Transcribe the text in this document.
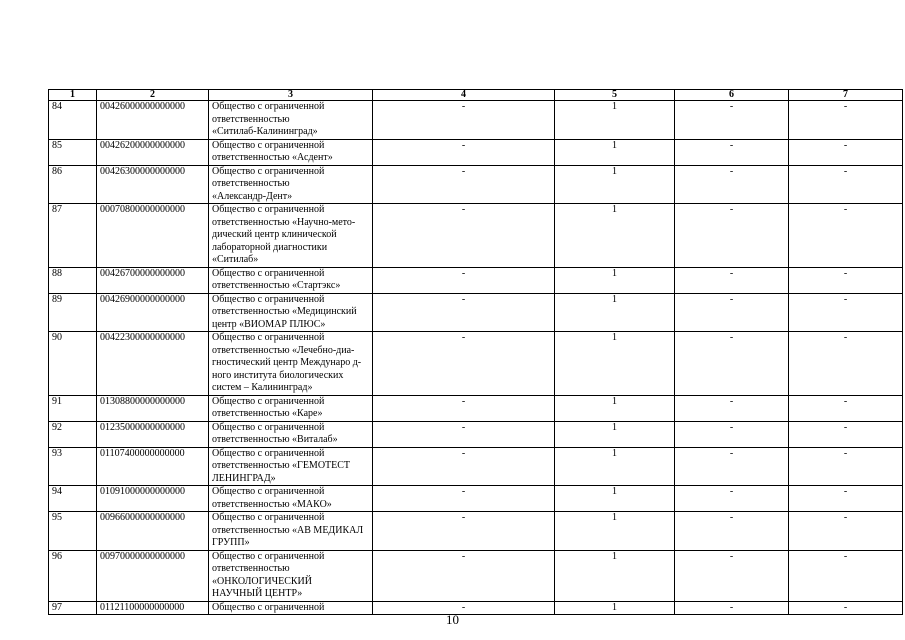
1	2	3	4	5	6	7
84	00426000000000000	Общество с ограниченной
ответственностью
«Ситилаб-Калининград»	-	1	-	-
85	00426200000000000	Общество с ограниченной
ответственностью «Асдент»	-	1	-	-
86	00426300000000000	Общество с ограниченной
ответственностью
«Александр-Дент»	-	1	-	-
87	00070800000000000	Общество с ограниченной
ответственностью «Научно-мето-
дический центр клинической
лабораторной диагностики
«Ситилаб»	-	1	-	-
88	00426700000000000	Общество с ограниченной
ответственностью «Стартэкс»	-	1	-	-
89	00426900000000000	Общество с ограниченной
ответственностью «Медицинский
центр «ВИОМАР ПЛЮС»	-	1	-	-
90	00422300000000000	Общество с ограниченной
ответственностью «Лечебно-диа-
гностический центр Междунаро д-
ного института биологических
систем – Калининград»	-	1	-	-
91	01308800000000000	Общество с ограниченной
ответственностью «Каре»	-	1	-	-
92	01235000000000000	Общество с ограниченной
ответственностью «Виталаб»	-	1	-	-
93	01107400000000000	Общество с ограниченной
ответственностью «ГЕМОТЕСТ
ЛЕНИНГРАД»	-	1	-	-
94	01091000000000000	Общество с ограниченной
ответственностью «МАКО»	-	1	-	-
95	00966000000000000	Общество с ограниченной
ответственностью «АВ МЕДИКАЛ
ГРУПП»	-	1	-	-
96	00970000000000000	Общество с ограниченной
ответственностью
«ОНКОЛОГИЧЕСКИЙ
НАУЧНЫЙ ЦЕНТР»	-	1	-	-
97	01121100000000000	Общество с ограниченной	-	1	-	-
10
